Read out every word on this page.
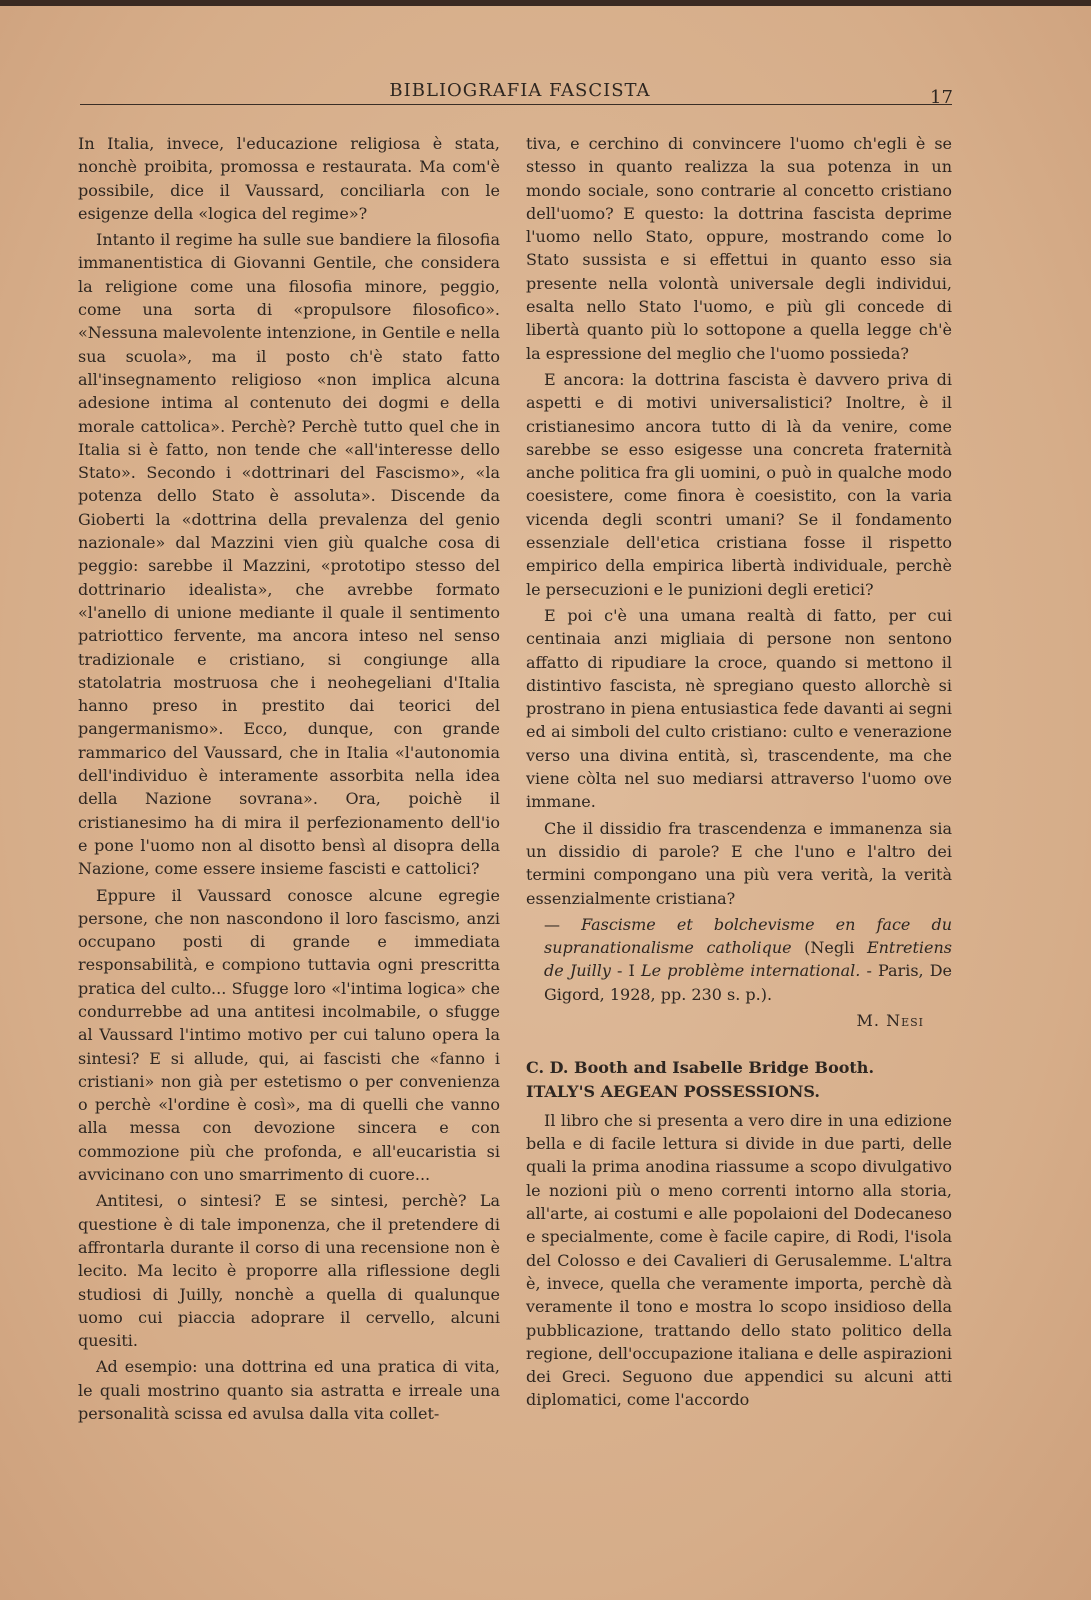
BIBLIOGRAFIA FASCISTA	17

In Italia, invece, l'educazione religiosa è stata, nonchè proibita, promossa e restaurata. Ma com'è possibile, dice il Vaussard, conciliarla con le esigenze della «logica del regime»?

Intanto il regime ha sulle sue bandiere la filosofia immanentistica di Giovanni Gentile, che considera la religione come una filosofia minore, peggio, come una sorta di «propulsore filosofico». «Nessuna malevolente intenzione, in Gentile e nella sua scuola», ma il posto ch'è stato fatto all'insegnamento religioso «non implica alcuna adesione intima al contenuto dei dogmi e della morale cattolica». Perchè? Perchè tutto quel che in Italia si è fatto, non tende che «all'interesse dello Stato». Secondo i «dottrinari del Fascismo», «la potenza dello Stato è assoluta». Discende da Gioberti la «dottrina della prevalenza del genio nazionale» dal Mazzini vien giù qualche cosa di peggio: sarebbe il Mazzini, «prototipo stesso del dottrinario idealista», che avrebbe formato «l'anello di unione mediante il quale il sentimento patriottico fervente, ma ancora inteso nel senso tradizionale e cristiano, si congiunge alla statolatria mostruosa che i neohegeliani d'Italia hanno preso in prestito dai teorici del pangermanismo». Ecco, dunque, con grande rammarico del Vaussard, che in Italia «l'autonomia dell'individuo è interamente assorbita nella idea della Nazione sovrana». Ora, poichè il cristianesimo ha di mira il perfezionamento dell'io e pone l'uomo non al disotto bensì al disopra della Nazione, come essere insieme fascisti e cattolici?

Eppure il Vaussard conosce alcune egregie persone, che non nascondono il loro fascismo, anzi occupano posti di grande e immediata responsabilità, e compiono tuttavia ogni prescritta pratica del culto... Sfugge loro «l'intima logica» che condurrebbe ad una antitesi incolmabile, o sfugge al Vaussard l'intimo motivo per cui taluno opera la sintesi? E si allude, qui, ai fascisti che «fanno i cristiani» non già per estetismo o per convenienza o perchè «l'ordine è così», ma di quelli che vanno alla messa con devozione sincera e con commozione più che profonda, e all'eucaristia si avvicinano con uno smarrimento di cuore...

Antitesi, o sintesi? E se sintesi, perchè? La questione è di tale imponenza, che il pretendere di affrontarla durante il corso di una recensione non è lecito. Ma lecito è proporre alla riflessione degli studiosi di Juilly, nonchè a quella di qualunque uomo cui piaccia adoprare il cervello, alcuni quesiti.

Ad esempio: una dottrina ed una pratica di vita, le quali mostrino quanto sia astratta e irreale una personalità scissa ed avulsa dalla vita collet-

tiva, e cerchino di convincere l'uomo ch'egli è se stesso in quanto realizza la sua potenza in un mondo sociale, sono contrarie al concetto cristiano dell'uomo? E questo: la dottrina fascista deprime l'uomo nello Stato, oppure, mostrando come lo Stato sussista e si effettui in quanto esso sia presente nella volontà universale degli individui, esalta nello Stato l'uomo, e più gli concede di libertà quanto più lo sottopone a quella legge ch'è la espressione del meglio che l'uomo possieda?

E ancora: la dottrina fascista è davvero priva di aspetti e di motivi universalistici? Inoltre, è il cristianesimo ancora tutto di là da venire, come sarebbe se esso esigesse una concreta fraternità anche politica fra gli uomini, o può in qualche modo coesistere, come finora è coesistito, con la varia vicenda degli scontri umani? Se il fondamento essenziale dell'etica cristiana fosse il rispetto empirico della empirica libertà individuale, perchè le persecuzioni e le punizioni degli eretici?

E poi c'è una umana realtà di fatto, per cui centinaia anzi migliaia di persone non sentono affatto di ripudiare la croce, quando si mettono il distintivo fascista, nè spregiano questo allorchè si prostrano in piena entusiastica fede davanti ai segni ed ai simboli del culto cristiano: culto e venerazione verso una divina entità, sì, trascendente, ma che viene còlta nel suo mediarsi attraverso l'uomo ove immane.

Che il dissidio fra trascendenza e immanenza sia un dissidio di parole? E che l'uno e l'altro dei termini compongano una più vera verità, la verità essenzialmente cristiana?

— Fascisme et bolchevisme en face du supranationalisme catholique (Negli Entretiens de Juilly - I Le problème international. - Paris, De Gigord, 1928, pp. 230 s. p.).

M. Nesi

C. D. Booth and Isabelle Bridge Booth.
ITALY'S AEGEAN POSSESSIONS.

Il libro che si presenta a vero dire in una edizione bella e di facile lettura si divide in due parti, delle quali la prima anodina riassume a scopo divulgativo le nozioni più o meno correnti intorno alla storia, all'arte, ai costumi e alle popolaioni del Dodecaneso e specialmente, come è facile capire, di Rodi, l'isola del Colosso e dei Cavalieri di Gerusalemme. L'altra è, invece, quella che veramente importa, perchè dà veramente il tono e mostra lo scopo insidioso della pubblicazione, trattando dello stato politico della regione, dell'occupazione italiana e delle aspirazioni dei Greci. Seguono due appendici su alcuni atti diplomatici, come l'accordo
